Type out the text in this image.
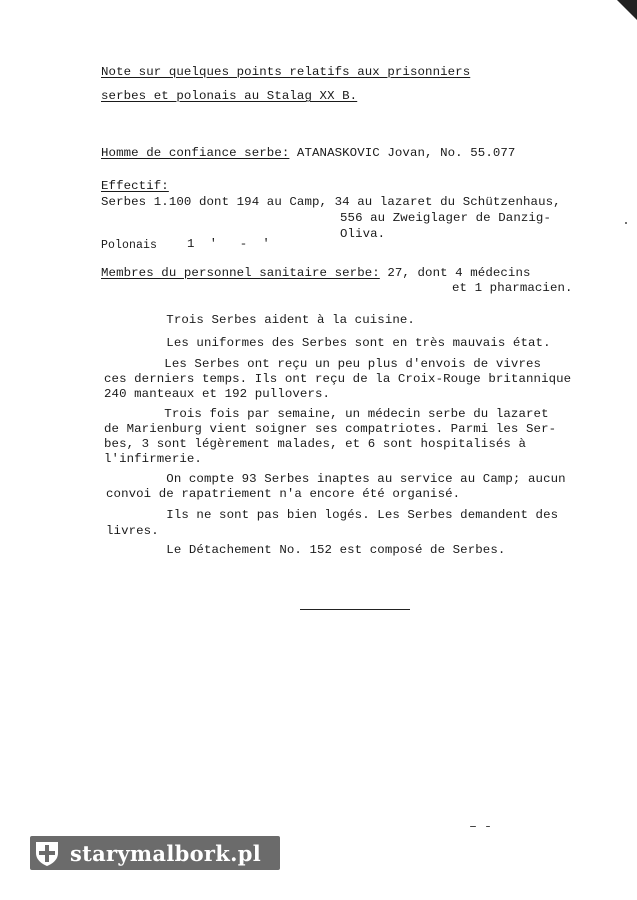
Note sur quelques points relatifs aux prisonniers
serbes et polonais au Stalag XX B.
Homme de confiance serbe: ATANASKOVIC Jovan, No. 55.077
Effectif:
Serbes 1.100 dont 194 au Camp, 34 au lazaret du Schützenhaus,
556 au Zweiglager de Danzig-
Oliva.
Polonais 1  '   -  '
Membres du personnel sanitaire serbe: 27, dont 4 médecins
et 1 pharmacien.
Trois Serbes aident à la cuisine.
Les uniformes des Serbes sont en très mauvais état.
Les Serbes ont reçu un peu plus d'envois de vivres
ces derniers temps. Ils ont reçu de la Croix-Rouge britannique
240 manteaux et 192 pullovers.
Trois fois par semaine, un médecin serbe du lazaret
de Marienburg vient soigner ses compatriotes. Parmi les Ser-
bes, 3 sont légèrement malades, et 6 sont hospitalisés à
l'infirmerie.
On compte 93 Serbes inaptes au service au Camp; aucun
convoi de rapatriement n'a encore été organisé.
Ils ne sont pas bien logés. Les Serbes demandent des
livres.
Le Détachement No. 152 est composé de Serbes.
starymalbork.pl
